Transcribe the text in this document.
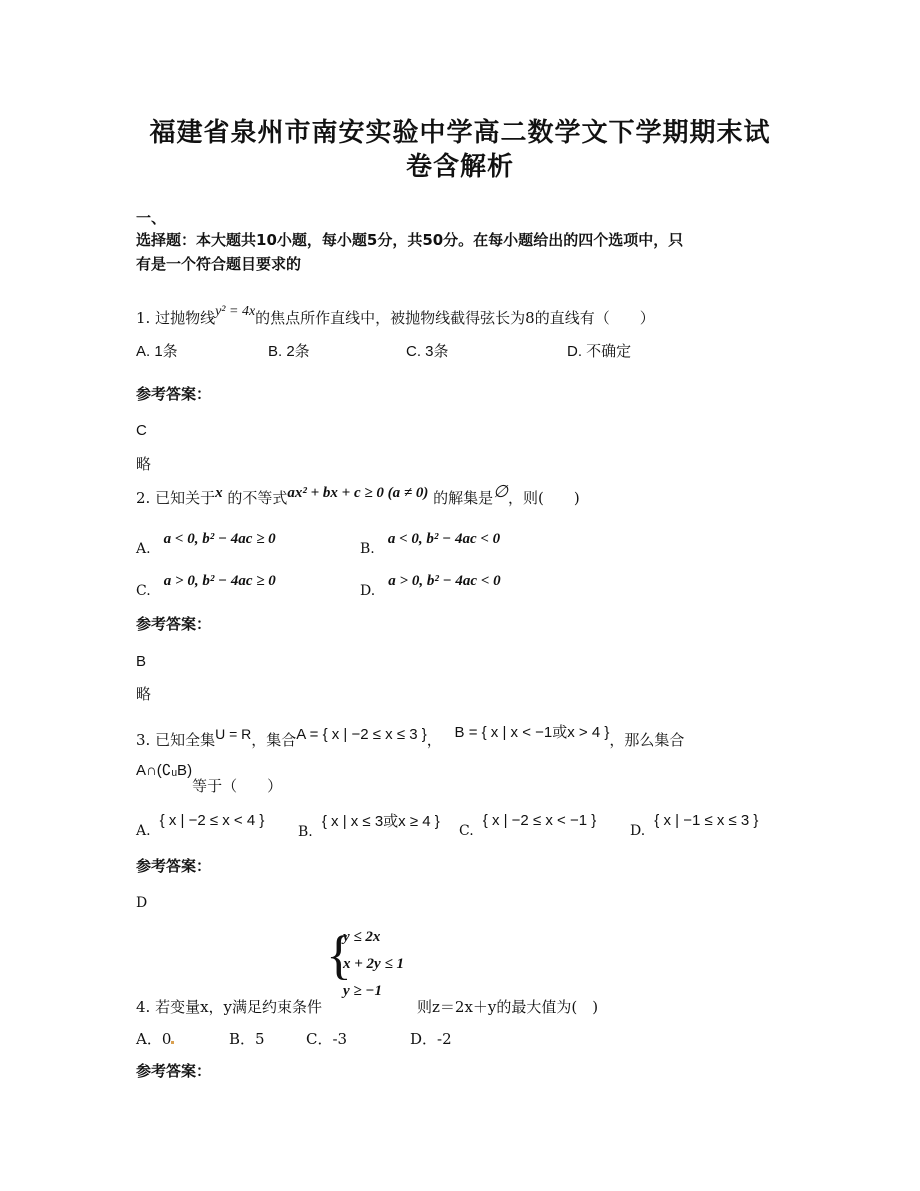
福建省泉州市南安实验中学高二数学文下学期期末试
卷含解析
一、
选择题：本大题共10小题，每小题5分，共50分。在每小题给出的四个选项中，只
有是一个符合题目要求的
1. 过抛物线y² = 4x的焦点所作直线中，被抛物线截得弦长为8的直线有（　　）
A. 1条	B. 2条	C. 3条	D. 不确定
参考答案：
C
略
2. 已知关于x 的不等式ax² + bx + c ≥ 0 (a ≠ 0) 的解集是∅，则(　　)
A. a < 0, b² − 4ac ≥ 0
B. a < 0, b² − 4ac < 0
C. a > 0, b² − 4ac ≥ 0
D. a > 0, b² − 4ac < 0
参考答案：
B
略
3. 已知全集U = R，集合A = { x | −2 ≤ x ≤ 3 }， B = { x | x < −1或x > 4 }，那么集合
A∩(∁ᵤB)等于（　　）
A. { x | −2 ≤ x < 4 }
B. { x | x ≤ 3或x ≥ 4 }
C. { x | −2 ≤ x < −1 }
D. { x | −1 ≤ x ≤ 3 }
参考答案：
D
{
y ≤ 2x
x + 2y ≤ 1
y ≥ −1
4. 若变量x，y满足约束条件	则z＝2x＋y的最大值为(　)
A．0	B．5	C．-3	D．-2
参考答案：
